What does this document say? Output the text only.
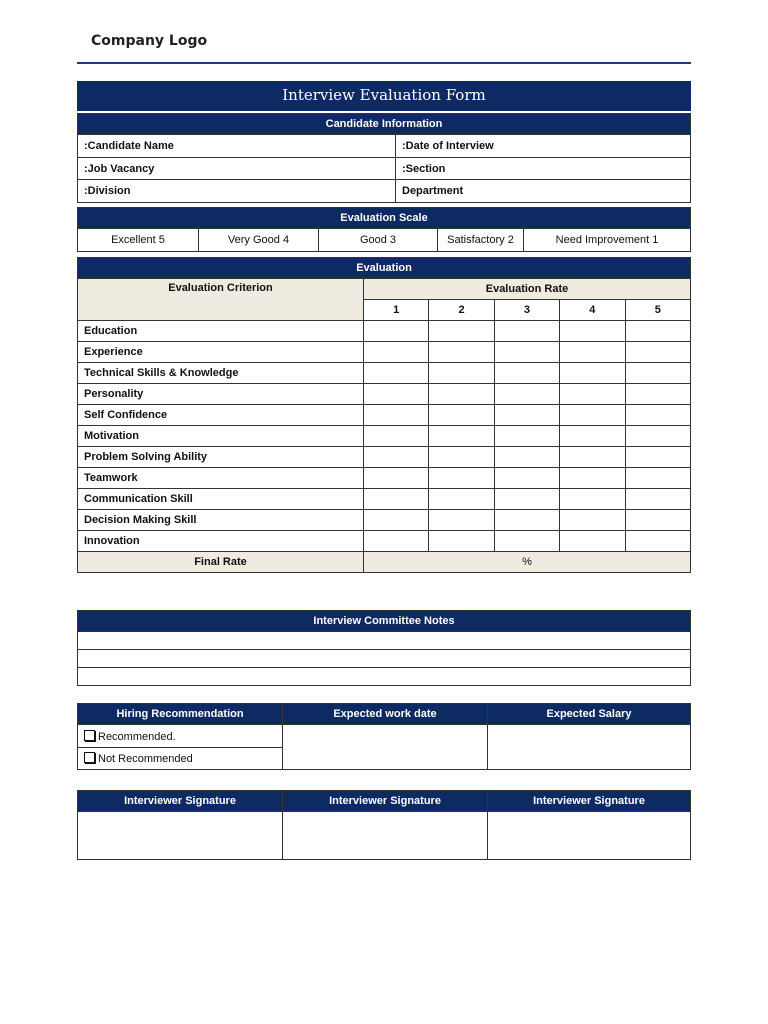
Company Logo
Interview Evaluation Form
Candidate Information	
:Candidate Name	:Date of Interview
:Job Vacancy	:Section
:Division	Department
Evaluation Scale
Excellent 5	Very Good 4	Good 3	Satisfactory 2	Need Improvement 1
Evaluation					
Evaluation Criterion	Evaluation Rate				
	1	2	3	4	5
Education					
Experience					
Technical Skills & Knowledge					
Personality					
Self Confidence					
Motivation					
Problem Solving Ability					
Teamwork					
Communication Skill					
Decision Making Skill					
Innovation					
Final Rate	%				
Interview Committee Notes

Hiring Recommendation	Expected work date	Expected Salary
Recommended.		
Not Recommended		
Interviewer Signature	Interviewer Signature	Interviewer Signature
